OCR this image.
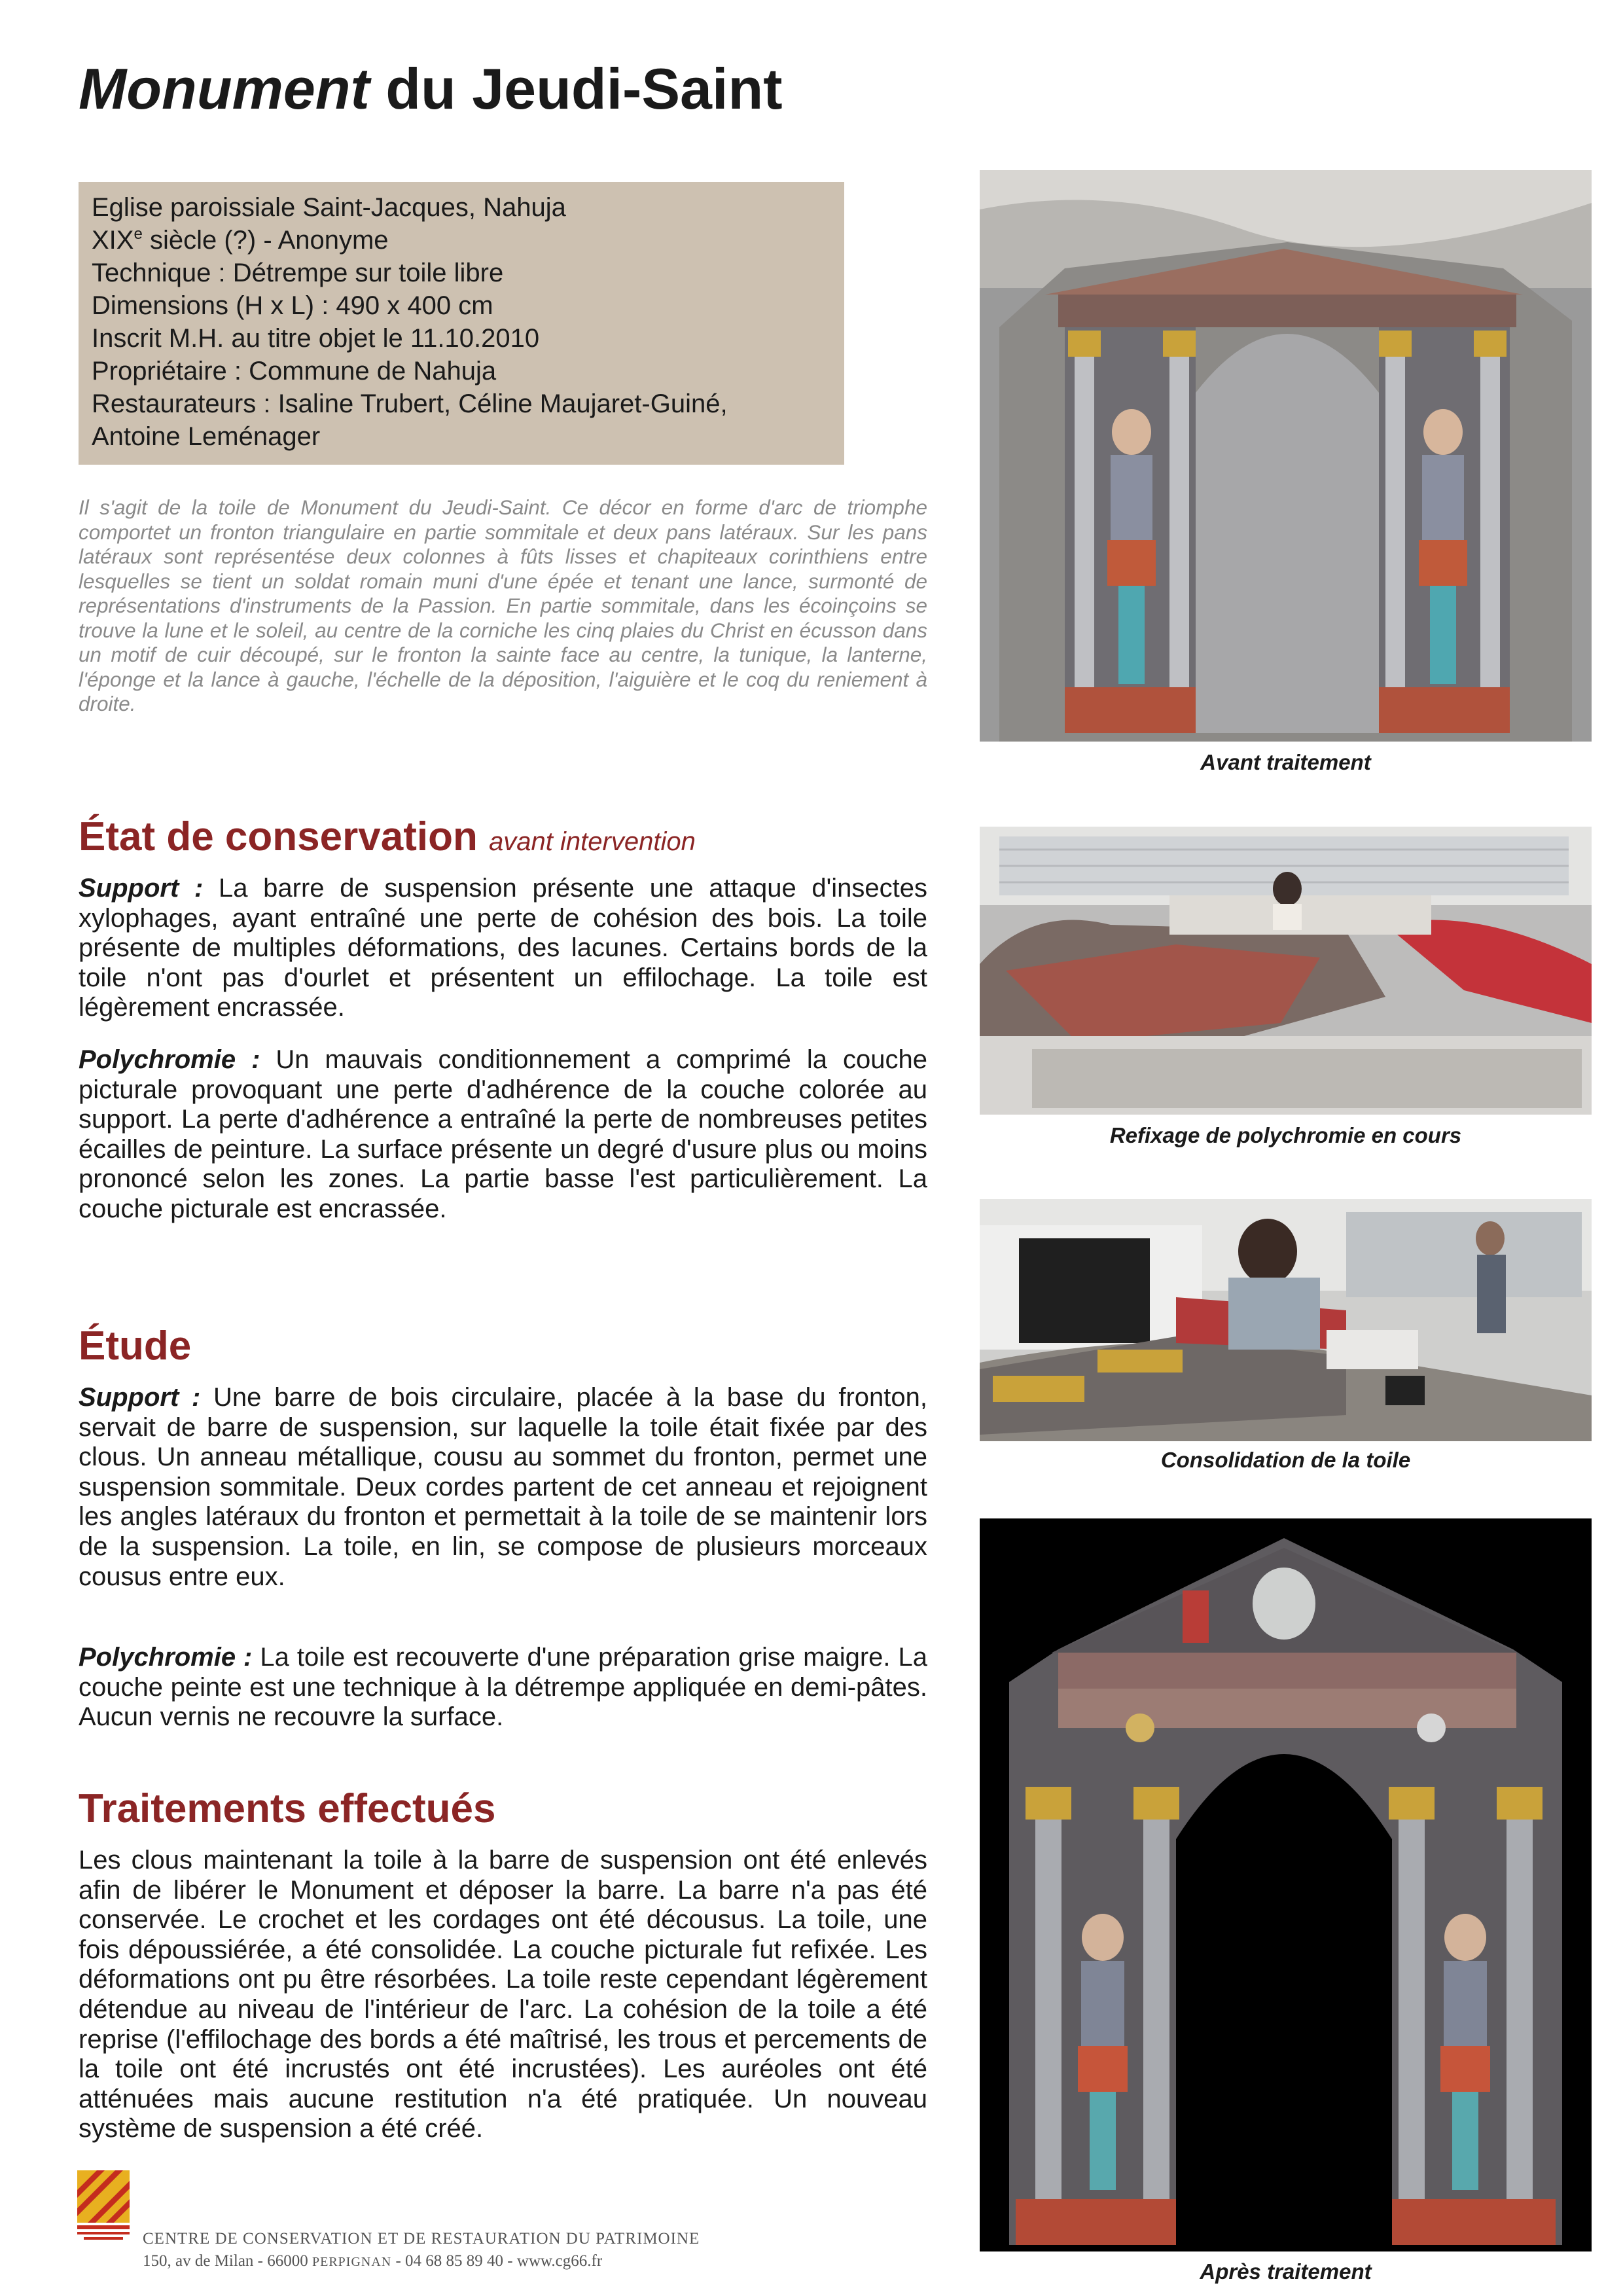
Monument du Jeudi-Saint
Eglise paroissiale Saint-Jacques, Nahuja
XIXe siècle (?) - Anonyme
Technique : Détrempe sur toile libre
Dimensions (H x L) : 490 x 400 cm
Inscrit M.H. au titre objet le 11.10.2010
Propriétaire : Commune de Nahuja
Restaurateurs : Isaline Trubert, Céline Maujaret-Guiné,
Antoine Leménager

Il s'agit de la toile de Monument du Jeudi-Saint. Ce décor en forme d'arc de triomphe comportet un fronton triangulaire en partie sommitale et deux pans latéraux. Sur les pans latéraux sont représentése deux colonnes à fûts lisses et chapiteaux corinthiens entre lesquelles se tient un soldat romain muni d'une épée et tenant une lance, surmonté de représentations d'instruments de la Passion. En partie sommitale, dans les écoinçoins se trouve la lune et le soleil, au centre de la corniche les cinq plaies du Christ en écusson dans un motif de cuir découpé, sur le fronton la sainte face au centre, la tunique, la lanterne, l'éponge et la lance à gauche, l'échelle de la déposition, l'aiguière et le coq du reniement à droite.

État de conservation avant intervention

Support : La barre de suspension présente une attaque d'insectes xylophages, ayant entraîné une perte de cohésion des bois. La toile présente de multiples déformations, des lacunes. Certains bords de la toile n'ont pas d'ourlet et présentent un effilochage. La toile est légèrement encrassée.

Polychromie : Un mauvais conditionnement a comprimé la couche picturale provoquant une perte d'adhérence de la couche colorée au support. La perte d'adhérence a entraîné la perte de nombreuses petites écailles de peinture. La surface présente un degré d'usure plus ou moins prononcé selon les zones. La partie basse l'est particulièrement. La couche picturale est encrassée.

Étude

Support : Une barre de bois circulaire, placée à la base du fronton, servait de barre de suspension, sur laquelle la toile était fixée par des clous. Un anneau métallique, cousu au sommet du fronton, permet une suspension sommitale. Deux cordes partent de cet anneau et rejoignent les angles latéraux du fronton et permettait à la toile de se maintenir lors de la suspension. La toile, en lin, se compose de plusieurs morceaux cousus entre eux.

Polychromie : La toile est recouverte d'une préparation grise maigre. La couche peinte est une technique à la détrempe appliquée en demi-pâtes. Aucun vernis ne recouvre la surface.

Traitements effectués

Les clous maintenant la toile à la barre de suspension ont été enlevés afin de libérer le Monument et déposer la barre. La barre n'a pas été conservée. Le crochet et les cordages ont été décousus. La toile, une fois dépoussiérée, a été consolidée. La couche picturale fut refixée. Les déformations ont pu être résorbées. La toile reste cependant légèrement détendue au niveau de l'intérieur de l'arc. La cohésion de la toile a été reprise (l'effilochage des bords a été maîtrisé, les trous et percements de la toile ont été incrustés ont été incrustées). Les auréoles ont été atténuées mais aucune restitution n'a été pratiquée. Un nouveau système de suspension a été créé.

Avant traitement

Refixage de polychromie en cours

Consolidation de la toile

Après traitement

CENTRE DE CONSERVATION ET DE RESTAURATION DU PATRIMOINE
150, av de Milan - 66000 PERPIGNAN - 04 68 85 89 40 - www.cg66.fr
